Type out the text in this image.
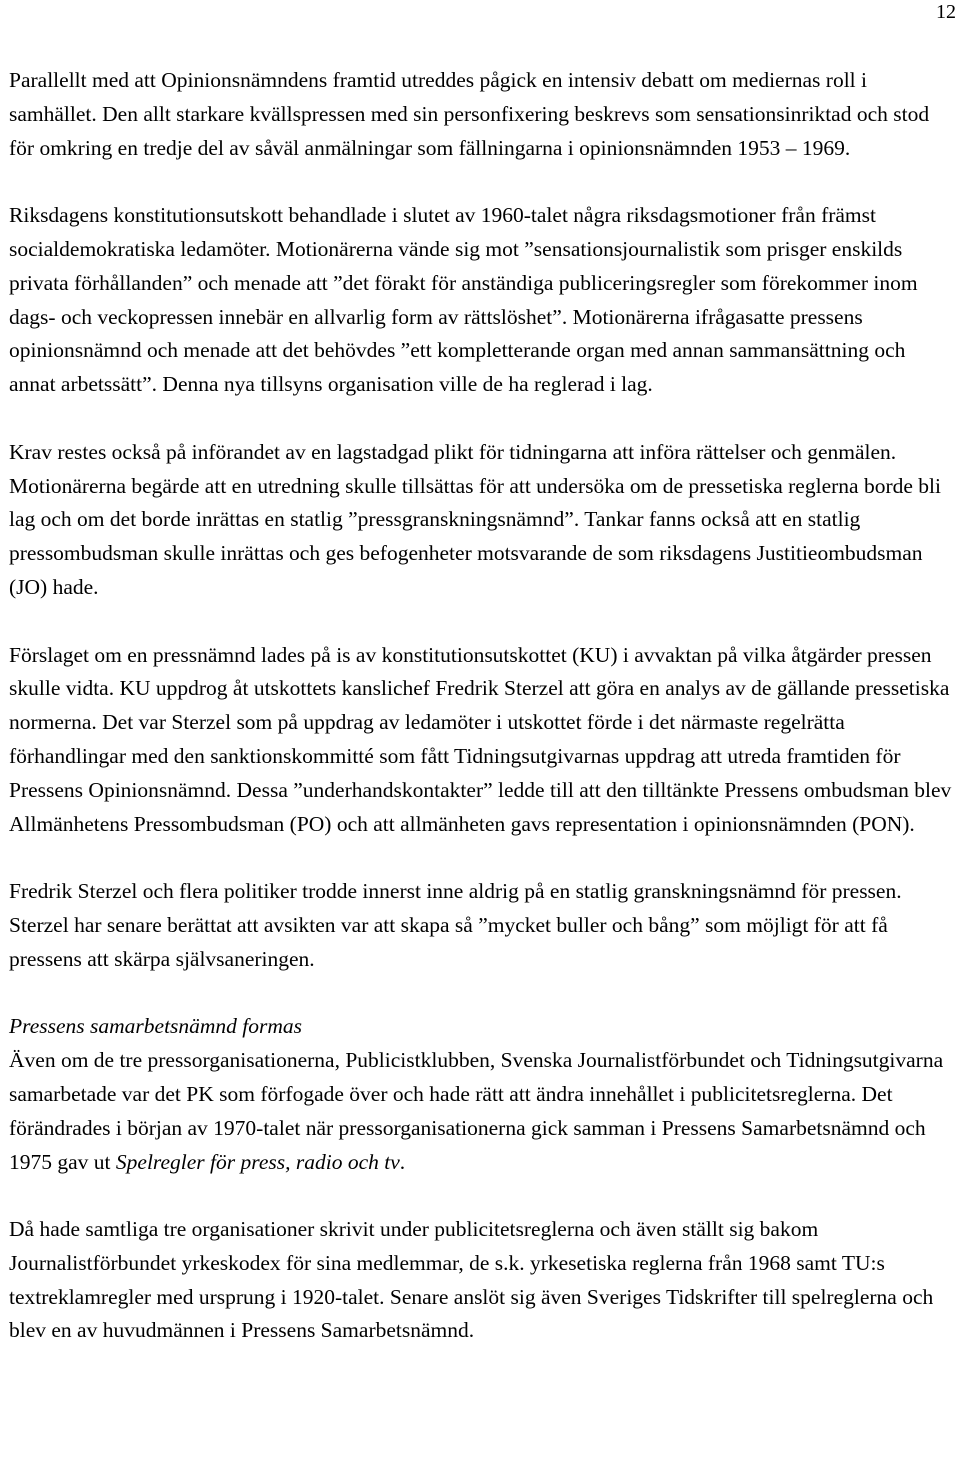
12

Parallellt med att Opinionsnämndens framtid utreddes pågick en intensiv debatt om mediernas roll i samhället. Den allt starkare kvällspressen med sin personfixering beskrevs som sensationsinriktad och stod för omkring en tredje del av såväl anmälningar som fällningarna i opinionsnämnden 1953 – 1969.

Riksdagens konstitutionsutskott behandlade i slutet av 1960-talet några riksdagsmotioner från främst socialdemokratiska ledamöter. Motionärerna vände sig mot ”sensationsjournalistik som prisger enskilds privata förhållanden” och menade att ”det förakt för anständiga publiceringsregler som förekommer inom dags- och veckopressen innebär en allvarlig form av rättslöshet”. Motionärerna ifrågasatte pressens opinionsnämnd och menade att det behövdes ”ett kompletterande organ med annan sammansättning och annat arbetssätt”. Denna nya tillsyns organisation ville de ha reglerad i lag.

Krav restes också på införandet av en lagstadgad plikt för tidningarna att införa rättelser och genmälen. Motionärerna begärde att en utredning skulle tillsättas för att undersöka om de pressetiska reglerna borde bli lag och om det borde inrättas en statlig ”pressgranskningsnämnd”. Tankar fanns också att en statlig pressombudsman skulle inrättas och ges befogenheter motsvarande de som riksdagens Justitieombudsman (JO) hade.

Förslaget om en pressnämnd lades på is av konstitutionsutskottet (KU) i avvaktan på vilka åtgärder pressen skulle vidta. KU uppdrog åt utskottets kanslichef Fredrik Sterzel att göra en analys av de gällande pressetiska normerna. Det var Sterzel som på uppdrag av ledamöter i utskottet förde i det närmaste regelrätta förhandlingar med den sanktionskommitté som fått Tidningsutgivarnas uppdrag att utreda framtiden för Pressens Opinionsnämnd. Dessa ”underhandskontakter” ledde till att den tilltänkte Pressens ombudsman blev Allmänhetens Pressombudsman (PO) och att allmänheten gavs representation i opinionsnämnden (PON).

Fredrik Sterzel och flera politiker trodde innerst inne aldrig på en statlig granskningsnämnd för pressen. Sterzel har senare berättat att avsikten var att skapa så ”mycket buller och bång” som möjligt för att få pressens att skärpa självsaneringen.

Pressens samarbetsnämnd formas

Även om de tre pressorganisationerna, Publicistklubben, Svenska Journalistförbundet och Tidningsutgivarna samarbetade var det PK som förfogade över och hade rätt att ändra innehållet i publicitetsreglerna. Det förändrades i början av 1970-talet när pressorganisationerna gick samman i Pressens Samarbetsnämnd och 1975 gav ut Spelregler för press, radio och tv.

Då hade samtliga tre organisationer skrivit under publicitetsreglerna och även ställt sig bakom Journalistförbundet yrkeskodex för sina medlemmar, de s.k. yrkesetiska reglerna från 1968 samt TU:s textreklamregler med ursprung i 1920-talet. Senare anslöt sig även Sveriges Tidskrifter till spelreglerna och blev en av huvudmännen i Pressens Samarbetsnämnd.
